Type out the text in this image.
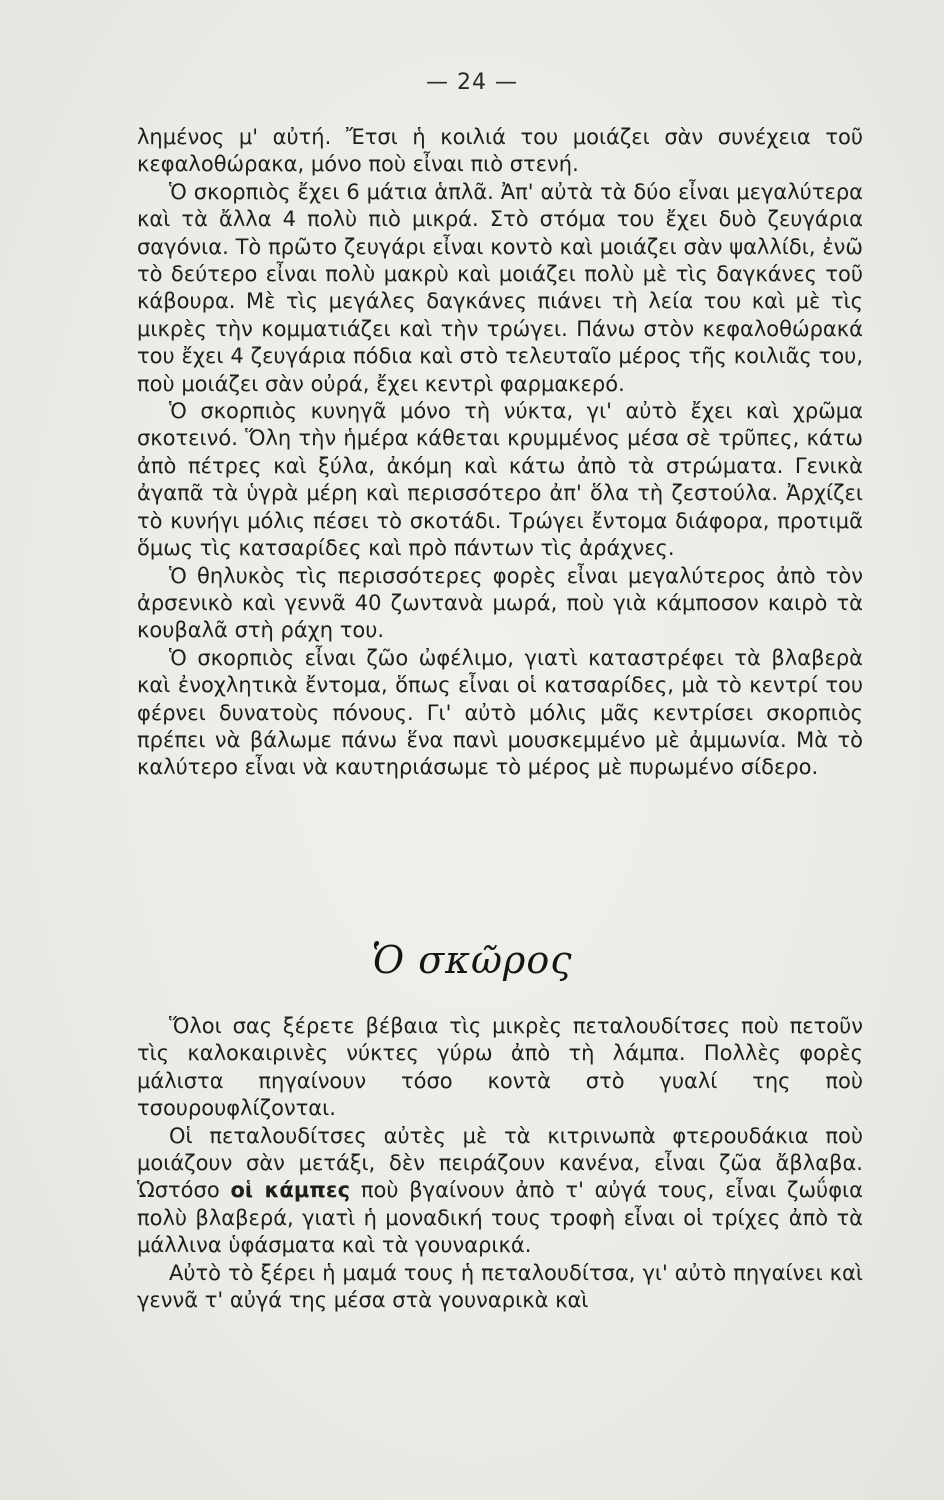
— 24 —

λημένος μ' αὐτή. Ἔτσι ἡ κοιλιά του μοιάζει σὰν συνέχεια τοῦ κεφαλοθώρακα, μόνο ποὺ εἶναι πιὸ στενή.

Ὁ σκορπιὸς ἔχει 6 μάτια ἁπλᾶ. Ἀπ' αὐτὰ τὰ δύο εἶναι μεγαλύτερα καὶ τὰ ἄλλα 4 πολὺ πιὸ μικρά. Στὸ στόμα του ἔχει δυὸ ζευγάρια σαγόνια. Τὸ πρῶτο ζευγάρι εἶναι κοντὸ καὶ μοιάζει σὰν ψαλλίδι, ἐνῶ τὸ δεύτερο εἶναι πολὺ μακρὺ καὶ μοιάζει πολὺ μὲ τὶς δαγκάνες τοῦ κάβουρα. Μὲ τὶς μεγάλες δαγκάνες πιάνει τὴ λεία του καὶ μὲ τὶς μικρὲς τὴν κομματιάζει καὶ τὴν τρώγει. Πάνω στὸν κεφαλοθώρακά του ἔχει 4 ζευγάρια πόδια καὶ στὸ τελευταῖο μέρος τῆς κοιλιᾶς του, ποὺ μοιάζει σὰν οὐρά, ἔχει κεντρὶ φαρμακερό.

Ὁ σκορπιὸς κυνηγᾶ μόνο τὴ νύκτα, γι' αὐτὸ ἔχει καὶ χρῶμα σκοτεινό. Ὅλη τὴν ἡμέρα κάθεται κρυμμένος μέσα σὲ τρῦπες, κάτω ἀπὸ πέτρες καὶ ξύλα, ἀκόμη καὶ κάτω ἀπὸ τὰ στρώματα. Γενικὰ ἀγαπᾶ τὰ ὑγρὰ μέρη καὶ περισσότερο ἀπ' ὅλα τὴ ζεστούλα. Ἀρχίζει τὸ κυνήγι μόλις πέσει τὸ σκοτάδι. Τρώγει ἔντομα διάφορα, προτιμᾶ ὅμως τὶς κατσαρίδες καὶ πρὸ πάντων τὶς ἀράχνες.

Ὁ θηλυκὸς τὶς περισσότερες φορὲς εἶναι μεγαλύτερος ἀπὸ τὸν ἀρσενικὸ καὶ γεννᾶ 40 ζωντανὰ μωρά, ποὺ γιὰ κάμποσον καιρὸ τὰ κουβαλᾶ στὴ ράχη του.

Ὁ σκορπιὸς εἶναι ζῶο ὠφέλιμο, γιατὶ καταστρέφει τὰ βλαβερὰ καὶ ἐνοχλητικὰ ἔντομα, ὅπως εἶναι οἱ κατσαρίδες, μὰ τὸ κεντρί του φέρνει δυνατοὺς πόνους. Γι' αὐτὸ μόλις μᾶς κεντρίσει σκορπιὸς πρέπει νὰ βάλωμε πάνω ἕνα πανὶ μουσκεμμένο μὲ ἀμμωνία. Μὰ τὸ καλύτερο εἶναι νὰ καυτηριάσωμε τὸ μέρος μὲ πυρωμένο σίδερο.

Ὁ σκῶρος

Ὅλοι σας ξέρετε βέβαια τὶς μικρὲς πεταλουδίτσες ποὺ πετοῦν τὶς καλοκαιρινὲς νύκτες γύρω ἀπὸ τὴ λάμπα. Πολλὲς φορὲς μάλιστα πηγαίνουν τόσο κοντὰ στὸ γυαλί της ποὺ τσουρουφλίζονται.

Οἱ πεταλουδίτσες αὐτὲς μὲ τὰ κιτρινωπὰ φτερουδάκια ποὺ μοιάζουν σὰν μετάξι, δὲν πειράζουν κανένα, εἶναι ζῶα ἄβλαβα. Ὡστόσο οἱ κάμπες ποὺ βγαίνουν ἀπὸ τ' αὐγά τους, εἶναι ζωΰφια πολὺ βλαβερά, γιατὶ ἡ μοναδική τους τροφὴ εἶναι οἱ τρίχες ἀπὸ τὰ μάλλινα ὑφάσματα καὶ τὰ γουναρικά.

Αὐτὸ τὸ ξέρει ἡ μαμά τους ἡ πεταλουδίτσα, γι' αὐτὸ πηγαίνει καὶ γεννᾶ τ' αὐγά της μέσα στὰ γουναρικὰ καὶ
